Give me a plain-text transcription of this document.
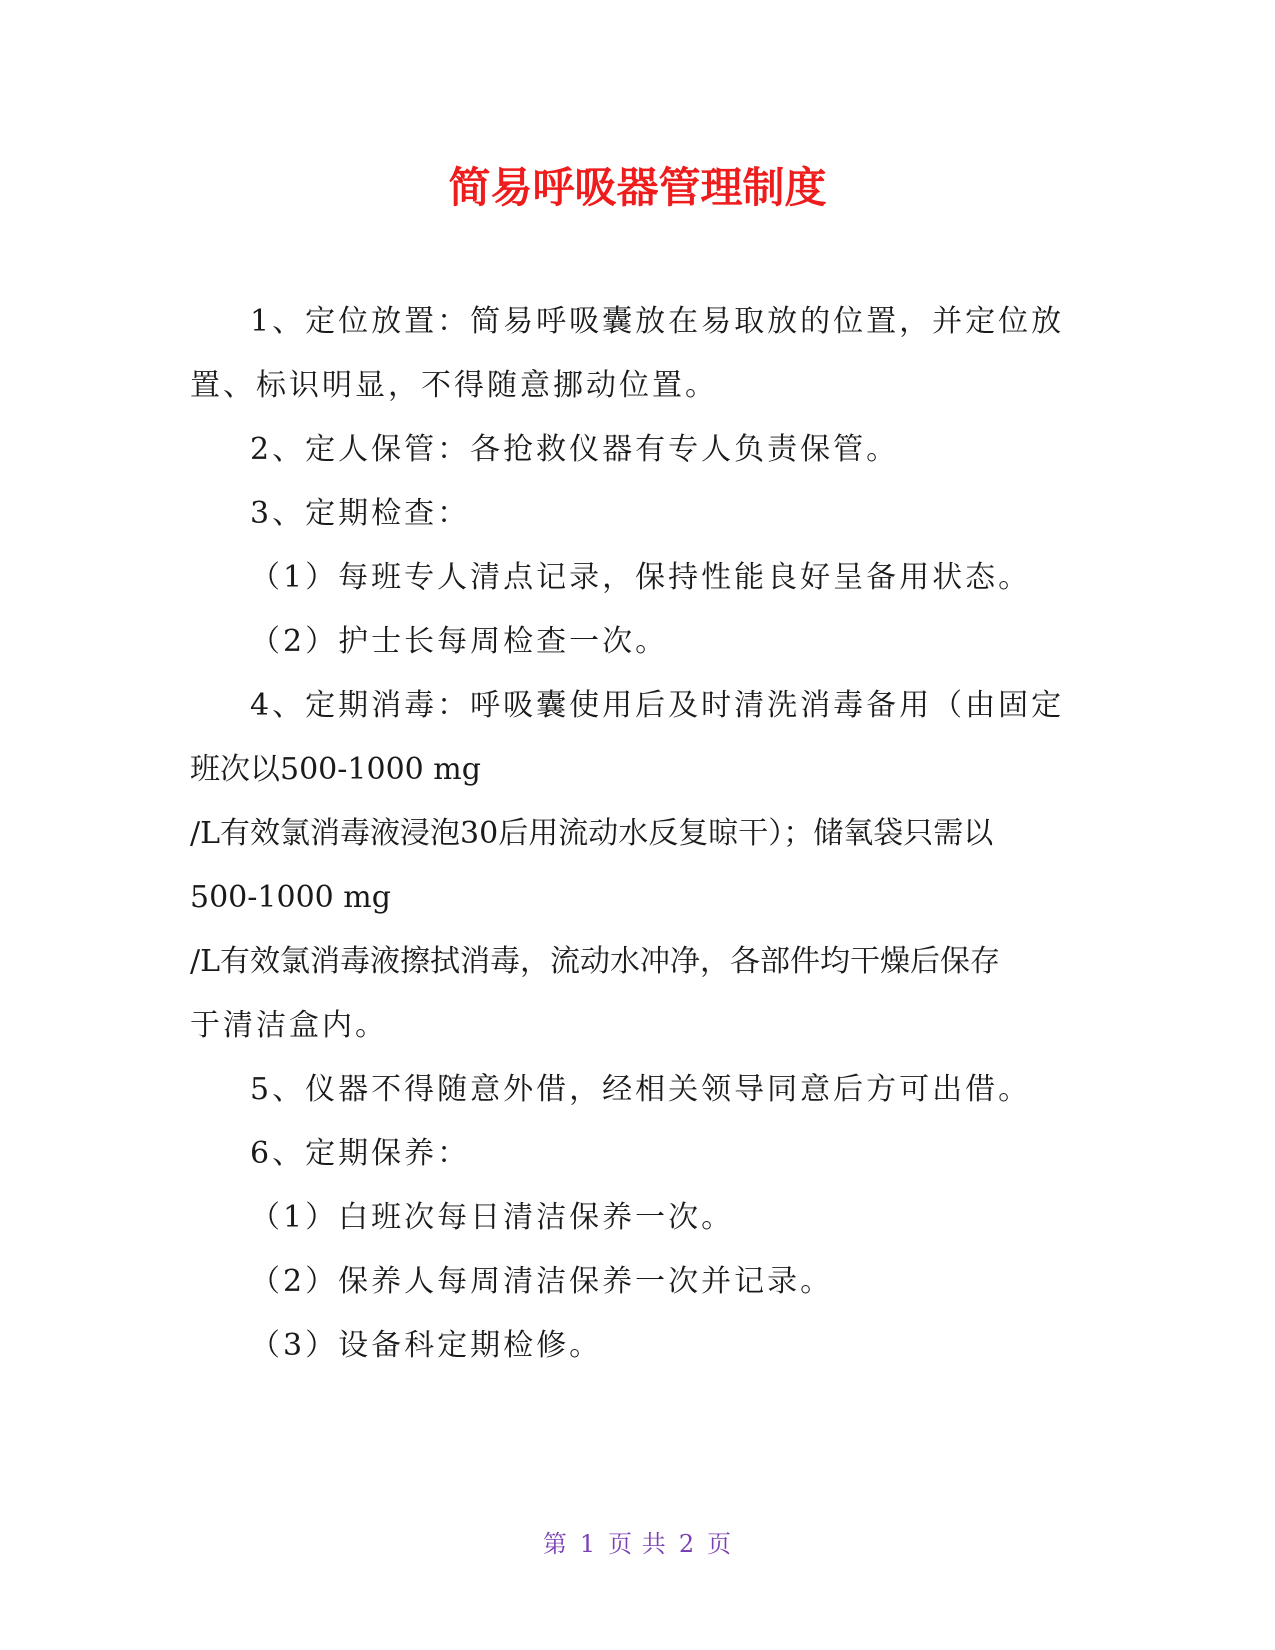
简易呼吸器管理制度

1、定位放置：简易呼吸囊放在易取放的位置，并定位放置、标识明显，不得随意挪动位置。

2、定人保管：各抢救仪器有专人负责保管。

3、定期检查：

（1）每班专人清点记录，保持性能良好呈备用状态。

（2）护士长每周检查一次。

4、定期消毒：呼吸囊使用后及时清洗消毒备用（由固定

班次以500-1000 mg

/L有效氯消毒液浸泡30后用流动水反复晾干）；储氧袋只需以

500-1000 mg

/L有效氯消毒液擦拭消毒，流动水冲净，各部件均干燥后保存

于清洁盒内。

5、仪器不得随意外借，经相关领导同意后方可出借。

6、定期保养：

（1）白班次每日清洁保养一次。

（2）保养人每周清洁保养一次并记录。

（3）设备科定期检修。

第 1 页 共 2 页
